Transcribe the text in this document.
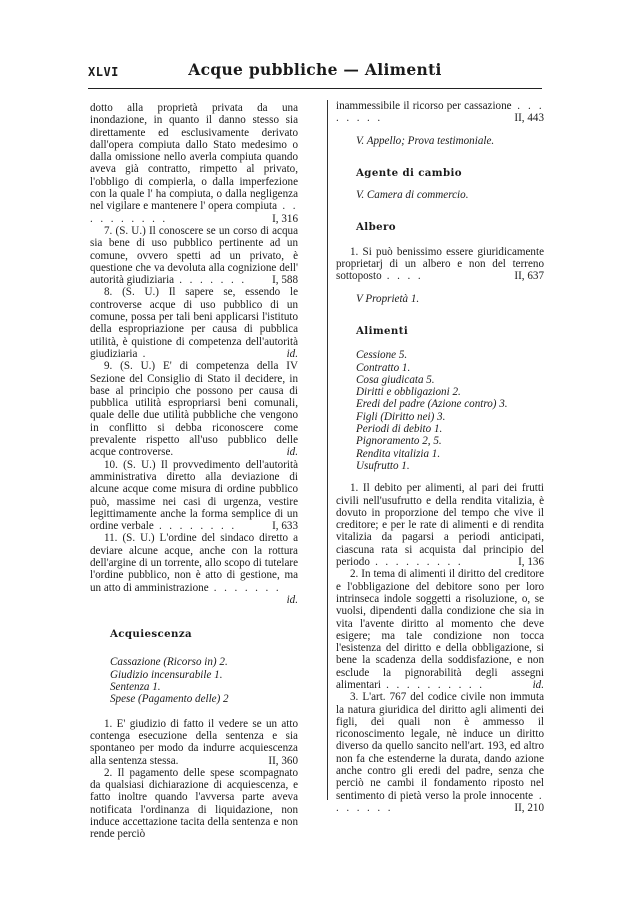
XLVI	Acque pubbliche — Alimenti

dotto alla proprietà privata da una inondazione, in quanto il danno stesso sia direttamente ed esclusivamente derivato dall'opera compiuta dallo Stato medesimo o dalla omissione nello averla compiuta quando aveva già contratto, rimpetto al privato, l'obbligo di compierla, o dalla imperfezione con la quale l' ha compiuta, o dalla negligenza nel vigilare e mantenere l' opera compiuta . . . . . . . . . .	I, 316

7. (S. U.) Il conoscere se un corso di acqua sia bene di uso pubblico pertinente ad un comune, ovvero spetti ad un privato, è questione che va devoluta alla cognizione dell' autorità giudiziaria . . . . . . .	I, 588

8. (S. U.) Il sapere se, essendo le controverse acque di uso pubblico di un comune, possa per tali beni applicarsi l'istituto della espropriazione per causa di pubblica utilità, è quistione di competenza dell'autorità giudiziaria .	id.

9. (S. U.) E' di competenza della IV Sezione del Consiglio di Stato il decidere, in base al principio che possono per causa di pubblica utilità espropriarsi beni comunali, quale delle due utilità pubbliche che vengono in conflitto si debba riconoscere come prevalente rispetto all'uso pubblico delle acque controverse.	id.

10. (S. U.) Il provvedimento dell'autorità amministrativa diretto alla deviazione di alcune acque come misura di ordine pubblico può, massime nei casi di urgenza, vestire legittimamente anche la forma semplice di un ordine verbale . . . . . . . .	I, 633

11. (S. U.) L'ordine del sindaco diretto a deviare alcune acque, anche con la rottura dell'argine di un torrente, allo scopo di tutelare l'ordine pubblico, non è atto di gestione, ma un atto di amministrazione . . . . . . .
id.

Acquiescenza

Cassazione (Ricorso in) 2.
Giudizio incensurabile 1.
Sentenza 1.
Spese (Pagamento delle) 2

1. E' giudizio di fatto il vedere se un atto contenga esecuzione della sentenza e sia spontaneo per modo da indurre acquiescenza alla sentenza stessa.	II, 360

2. Il pagamento delle spese scompagnato da qualsiasi dichiarazione di acquiescenza, e fatto inoltre quando l'avversa parte aveva notificata l'ordinanza di liquidazione, non induce accettazione tacita della sentenza e non rende perciò

inammessibile il ricorso per cassazione . . . . . . . .	II, 443

V. Appello; Prova testimoniale.

Agente di cambio

V. Camera di commercio.

Albero

1. Si può benissimo essere giuridicamente proprietarj di un albero e non del terreno sottoposto . . . .	II, 637

V Proprietà 1.

Alimenti

Cessione 5.
Contratto 1.
Cosa giudicata 5.
Diritti e obbligazioni 2.
Eredi del padre (Azione contro) 3.
Figli (Diritto nei) 3.
Periodi di debito 1.
Pignoramento 2, 5.
Rendita vitalizia 1.
Usufrutto 1.

1. Il debito per alimenti, al pari dei frutti civili nell'usufrutto e della rendita vitalizia, è dovuto in proporzione del tempo che vive il creditore; e per le rate di alimenti e di rendita vitalizia da pagarsi a periodi anticipati, ciascuna rata si acquista dal principio del periodo . . . . . . . . .	I, 136

2. In tema di alimenti il diritto del creditore e l'obbligazione del debitore sono per loro intrinseca indole soggetti a risoluzione, o, se vuolsi, dipendenti dalla condizione che sia in vita l'avente diritto al momento che deve esigere; ma tale condizione non tocca l'esistenza del diritto e della obbligazione, si bene la scadenza della soddisfazione, e non esclude la pignorabilità degli assegni alimentari . . . . . . . . . .	id.

3. L'art. 767 del codice civile non immuta la natura giuridica del diritto agli alimenti dei figli, dei quali non è ammesso il riconoscimento legale, nè induce un diritto diverso da quello sancito nell'art. 193, ed altro non fa che estenderne la durata, dando azione anche contro gli eredi del padre, senza che perciò ne cambi il fondamento riposto nel sentimento di pietà verso la prole innocente . . . . . . .	II, 210
